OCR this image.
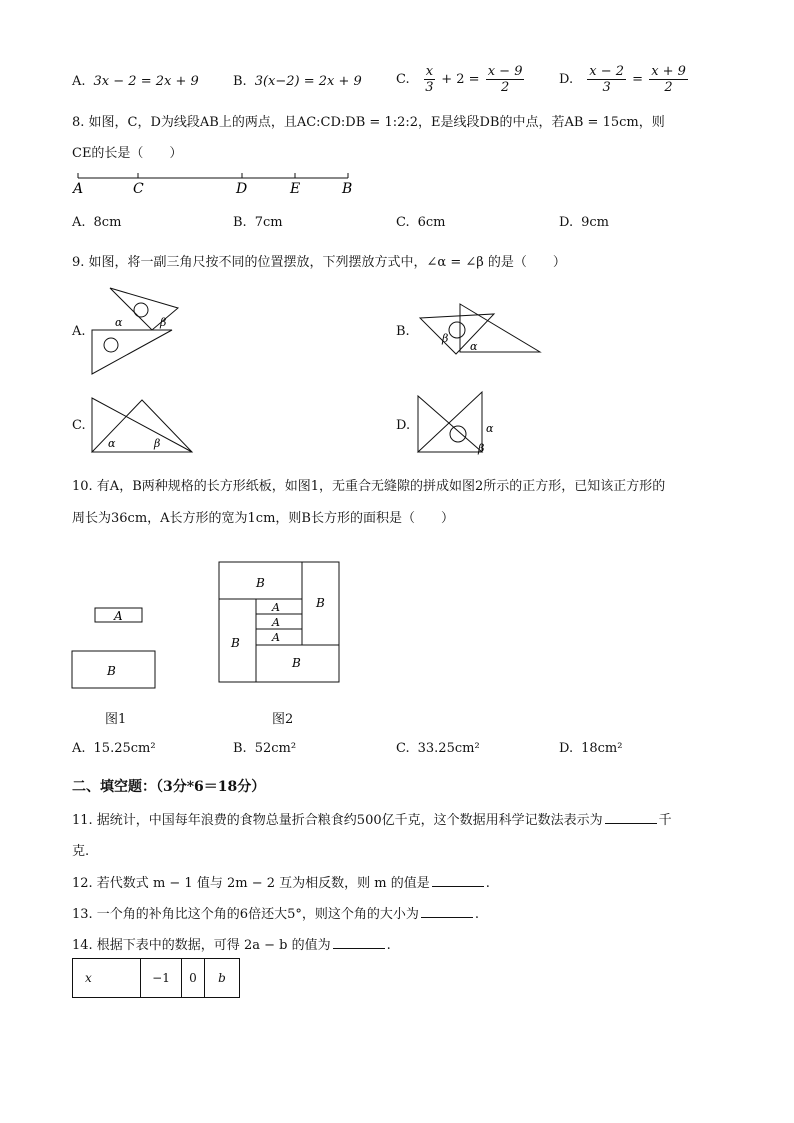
A. 3x − 2 = 2x + 9	B. 3(x−2) = 2x + 9	C. $\frac{x}{3} + 2 = \frac{x - 9}{2}$	D. $\frac{x - 2}{3} = \frac{x + 9}{2}$
8. 如图，C，D为线段AB上的两点，且AC:CD:DB = 1:2:2，E是线段DB的中点，若AB = 15cm，则
CE的长是（　　）
A	C	D	E	B
A. 8cm	B. 7cm	C. 6cm	D. 9cm
9. 如图，将一副三角尺按不同的位置摆放，下列摆放方式中，∠α = ∠β 的是（　　）
A.
α	β
B.	β
α
C.
α	β
D.	α
β
10. 有A，B两种规格的长方形纸板，如图1，无重合无缝隙的拼成如图2所示的正方形，已知该正方形的
周长为36cm，A长方形的宽为1cm，则B长方形的面积是（　　）
A
B
图1
B
B
B
B
A
A
A
图2
A. 15.25cm²	B. 52cm²	C. 33.25cm²	D. 18cm²
二、填空题：（3分*6＝18分）
11. 据统计，中国每年浪费的食物总量折合粮食约500亿千克，这个数据用科学记数法表示为	千
克.
12. 若代数式 m − 1 值与 2m − 2 互为相反数，则 m 的值是	.
13. 一个角的补角比这个角的6倍还大5°，则这个角的大小为	.
14. 根据下表中的数据，可得 2a − b 的值为	.
x	−1	0	b
